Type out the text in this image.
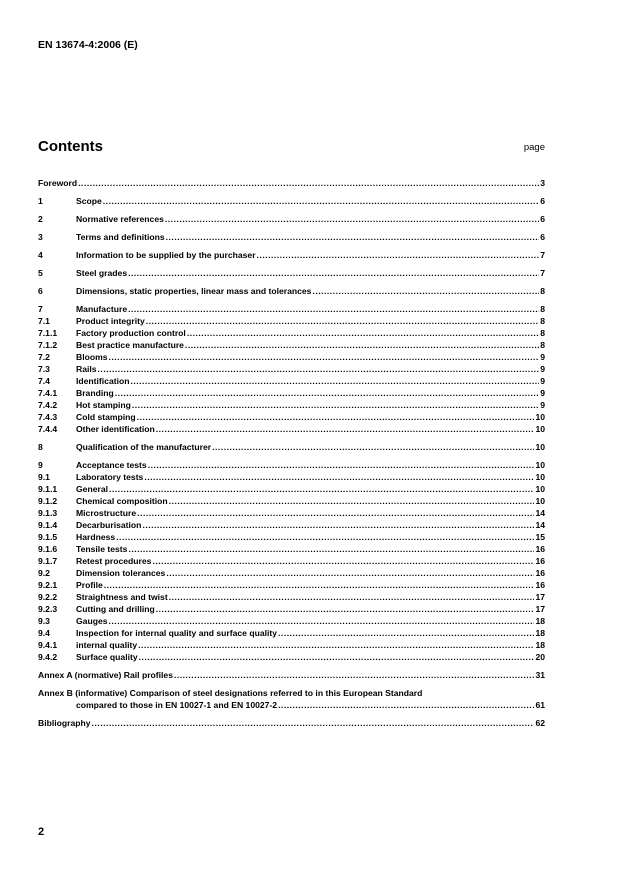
EN 13674-4:2006 (E)
Contents	page
Foreword .....	3
1	Scope .....	6
2	Normative references .....	6
3	Terms and definitions .....	6
4	Information to be supplied by the purchaser .....	7
5	Steel grades .....	7
6	Dimensions, static properties, linear mass and tolerances .....	8
7	Manufacture .....	8
7.1	Product integrity .....	8
7.1.1	Factory production control .....	8
7.1.2	Best practice manufacture .....	8
7.2	Blooms .....	9
7.3	Rails .....	9
7.4	Identification .....	9
7.4.1	Branding .....	9
7.4.2	Hot stamping .....	9
7.4.3	Cold stamping .....	10
7.4.4	Other identification .....	10
8	Qualification of the manufacturer .....	10
9	Acceptance tests .....	10
9.1	Laboratory tests .....	10
9.1.1	General .....	10
9.1.2	Chemical composition .....	10
9.1.3	Microstructure .....	14
9.1.4	Decarburisation .....	14
9.1.5	Hardness .....	15
9.1.6	Tensile tests .....	16
9.1.7	Retest procedures .....	16
9.2	Dimension tolerances .....	16
9.2.1	Profile .....	16
9.2.2	Straightness and twist .....	17
9.2.3	Cutting and drilling .....	17
9.3	Gauges .....	18
9.4	Inspection for internal quality and surface quality .....	18
9.4.1	internal quality .....	18
9.4.2	Surface quality .....	20
Annex A (normative) Rail profiles .....	31
Annex B (informative) Comparison of steel designations referred to in this European Standard
compared to those in EN 10027-1 and EN 10027-2 .....	61
Bibliography .....	62
2
